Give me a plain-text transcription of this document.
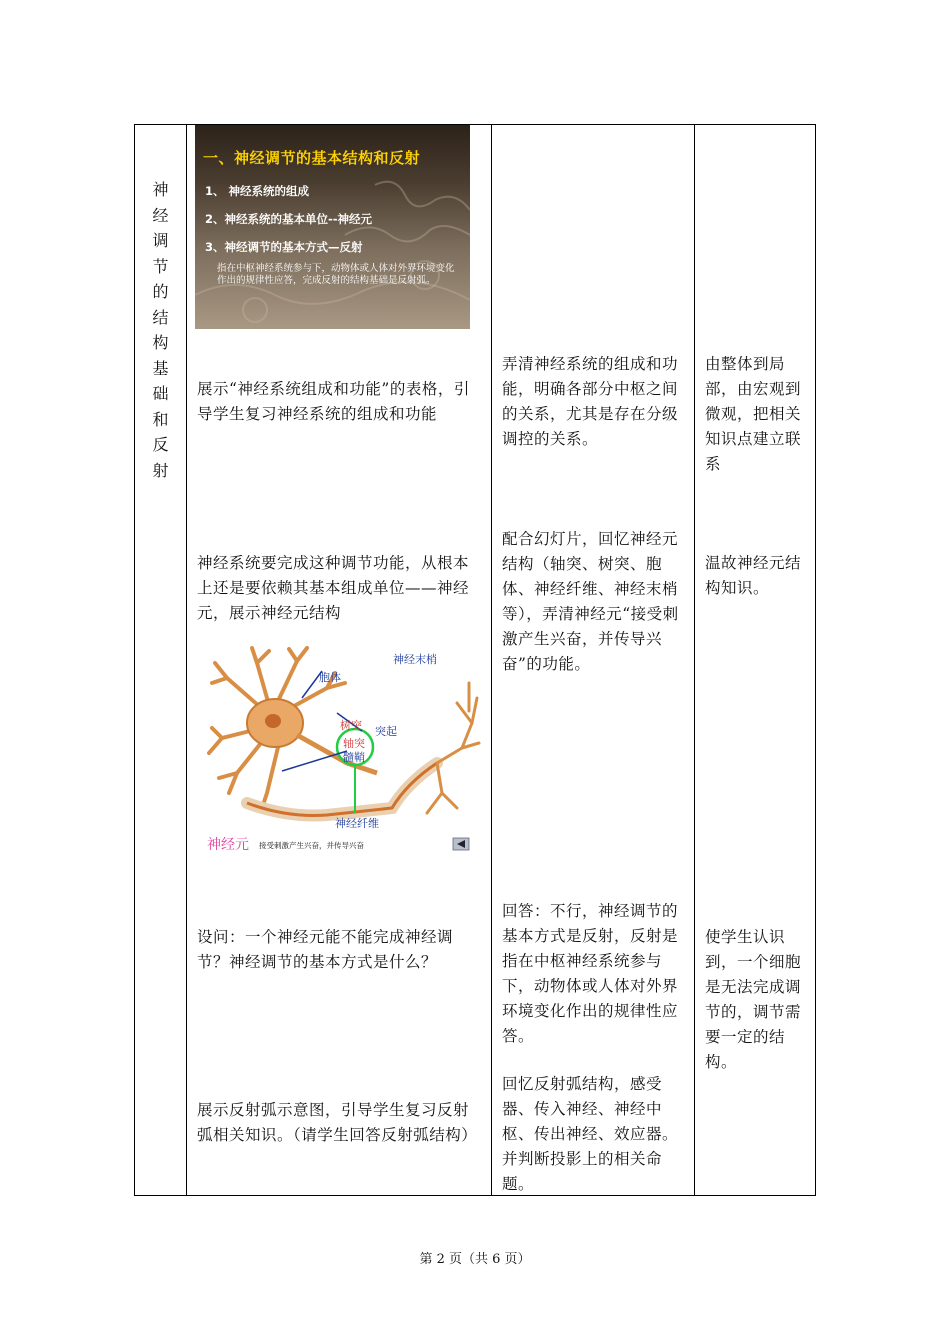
神
经
调
节
的
结
构
基
础
和
反
射
一、神经调节的基本结构和反射
1、 神经系统的组成
2、神经系统的基本单位--神经元
3、神经调节的基本方式—反射
指在中枢神经系统参与下，动物体或人体对外界环境变化作出的规律性应答，完成反射的结构基础是反射弧。
展示“神经系统组成和功能”的表格，引导学生复习神经系统的组成和功能
弄清神经系统的组成和功能，明确各部分中枢之间的关系，尤其是存在分级调控的关系。
由整体到局部，由宏观到微观，把相关知识点建立联系
神经系统要完成这种调节功能，从根本上还是要依赖其基本组成单位——神经元，展示神经元结构
配合幻灯片，回忆神经元结构（轴突、树突、胞体、神经纤维、神经末梢等），弄清神经元“接受刺激产生兴奋，并传导兴奋”的功能。
温故神经元结构知识。
胞体
神经末梢
树突 突起
轴突
髓鞘
神经纤维
神经元 接受刺激产生兴奋，并传导兴奋
设问：一个神经元能不能完成神经调节？神经调节的基本方式是什么？
回答：不行，神经调节的基本方式是反射，反射是指在中枢神经系统参与下，动物体或人体对外界环境变化作出的规律性应答。
使学生认识到，一个细胞是无法完成调节的，调节需要一定的结构。
展示反射弧示意图，引导学生复习反射弧相关知识。（请学生回答反射弧结构）
回忆反射弧结构，感受器、传入神经、神经中枢、传出神经、效应器。并判断投影上的相关命题。
第 2 页（共 6 页）
